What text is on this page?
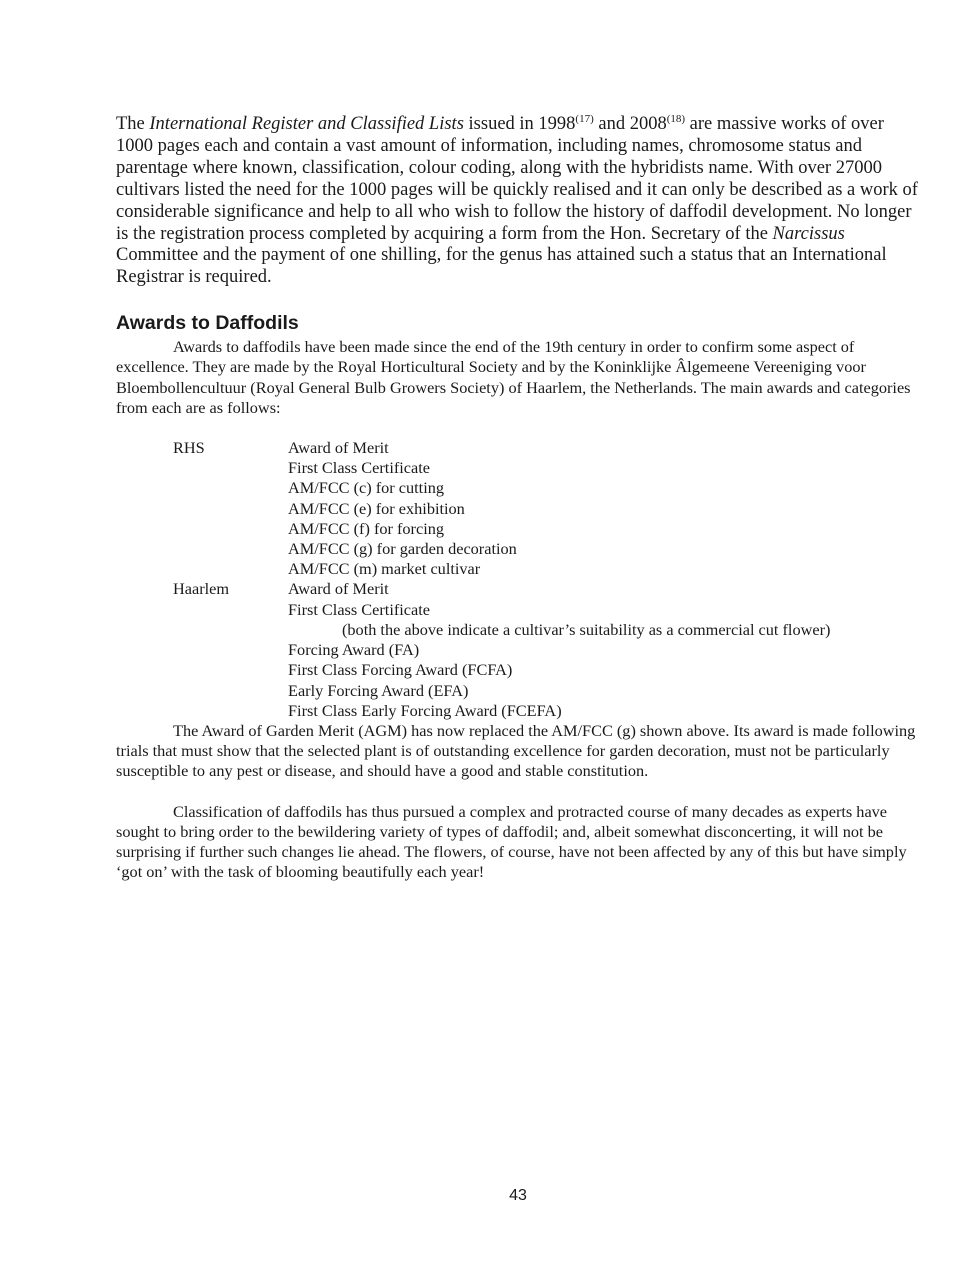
The International Register and Classified Lists issued in 1998$^{(17)}$ and 2008$^{(18)}$ are massive works of over 1000 pages each and contain a vast amount of information, including names, chromosome status and parentage where known, classification, colour coding, along with the hybridists name. With over 27000 cultivars listed the need for the 1000 pages will be quickly realised and it can only be described as a work of considerable significance and help to all who wish to follow the history of daffodil development. No longer is the registration process completed by acquiring a form from the Hon. Secretary of the Narcissus Committee and the payment of one shilling, for the genus has attained such a status that an International Registrar is required.

Awards to Daffodils

Awards to daffodils have been made since the end of the 19th century in order to confirm some aspect of excellence. They are made by the Royal Horticultural Society and by the Koninklijke Âlgemeene Vereeniging voor Bloembollencultuur (Royal General Bulb Growers Society) of Haarlem, the Netherlands. The main awards and categories from each are as follows:

RHS	Award of Merit
First Class Certificate
AM/FCC (c) for cutting
AM/FCC (e) for exhibition
AM/FCC (f) for forcing
AM/FCC (g) for garden decoration
AM/FCC (m) market cultivar
Haarlem	Award of Merit
First Class Certificate
(both the above indicate a cultivar’s suitability as a commercial cut flower)
Forcing Award (FA)
First Class Forcing Award (FCFA)
Early Forcing Award (EFA)
First Class Early Forcing Award (FCEFA)

The Award of Garden Merit (AGM) has now replaced the AM/FCC (g) shown above. Its award is made following trials that must show that the selected plant is of outstanding excellence for garden decoration, must not be particularly susceptible to any pest or disease, and should have a good and stable constitution.

Classification of daffodils has thus pursued a complex and protracted course of many decades as experts have sought to bring order to the bewildering variety of types of daffodil; and, albeit somewhat disconcerting, it will not be surprising if further such changes lie ahead. The flowers, of course, have not been affected by any of this but have simply ‘got on’ with the task of blooming beautifully each year!

43
